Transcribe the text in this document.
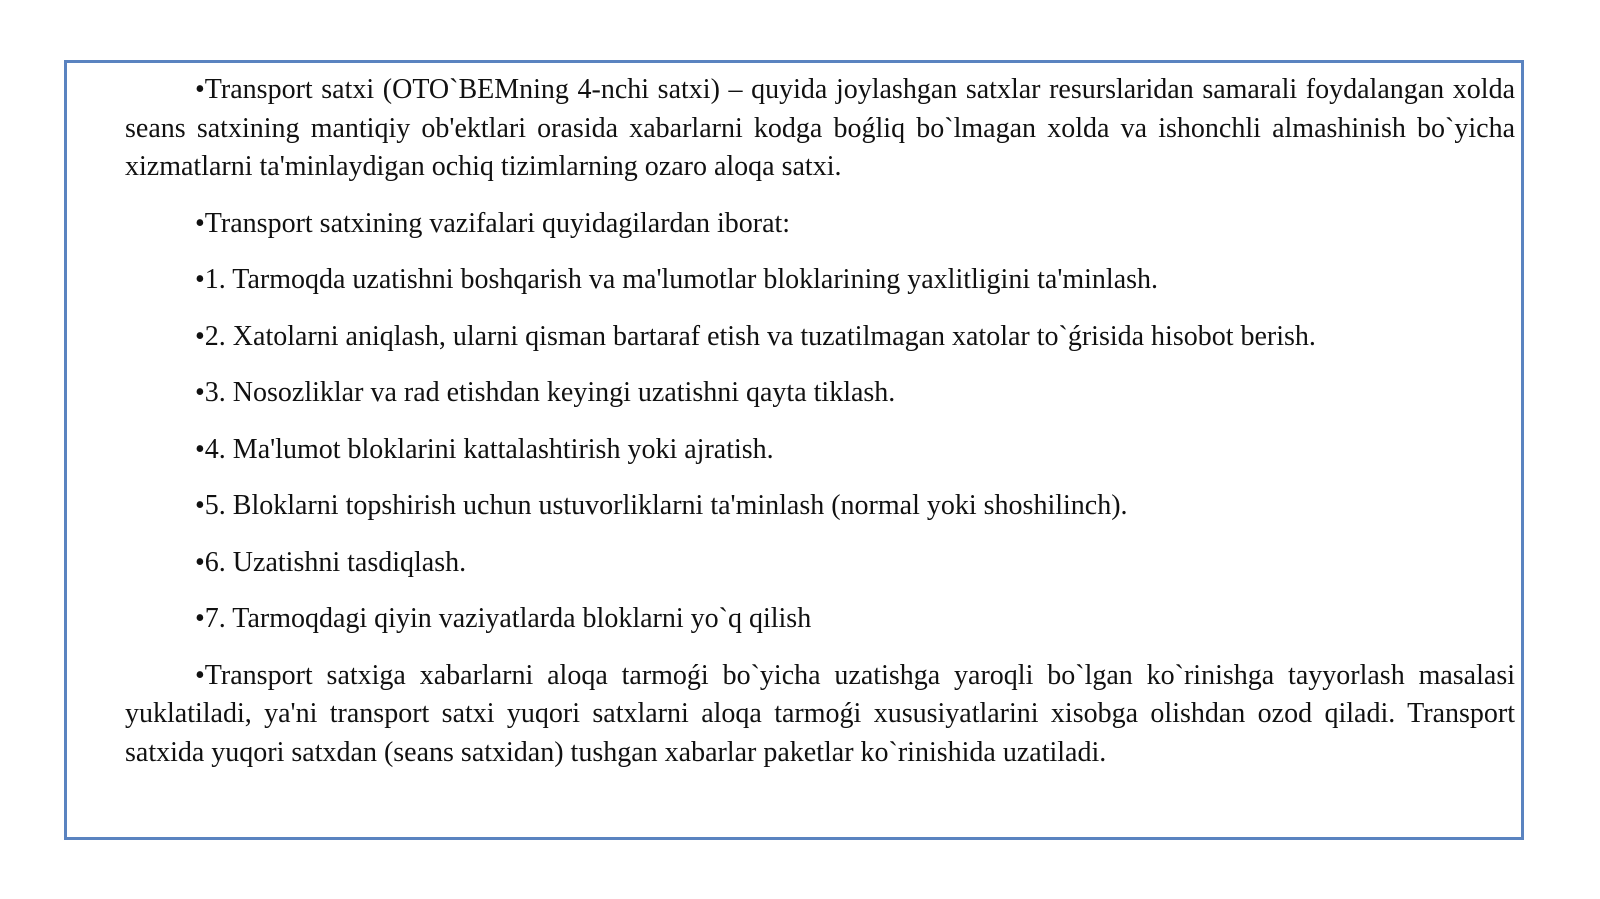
•Transport satxi (OTO`BEMning 4-nchi satxi) – quyida joylashgan satxlar resurslaridan samarali foydalangan xolda seans satxining mantiqiy ob'ektlari orasida xabarlarni kodga boǵliq bo`lmagan xolda va ishonchli almashinish bo`yicha xizmatlarni ta'minlaydigan ochiq tizimlarning ozaro aloqa satxi.

•Transport satxining vazifalari quyidagilardan iborat:

•1. Tarmoqda uzatishni boshqarish va ma'lumotlar bloklarining yaxlitligini ta'minlash.

•2. Xatolarni aniqlash, ularni qisman bartaraf etish va tuzatilmagan xatolar to`ǵrisida hisobot berish.

•3. Nosozliklar va rad etishdan keyingi uzatishni qayta tiklash.

•4. Ma'lumot bloklarini kattalashtirish yoki ajratish.

•5. Bloklarni topshirish uchun ustuvorliklarni ta'minlash (normal yoki shoshilinch).

•6. Uzatishni tasdiqlash.

•7. Tarmoqdagi qiyin vaziyatlarda bloklarni yo`q qilish

•Transport satxiga xabarlarni aloqa tarmoǵi bo`yicha uzatishga yaroqli bo`lgan ko`rinishga tayyorlash masalasi yuklatiladi, ya'ni transport satxi yuqori satxlarni aloqa tarmoǵi xususiyatlarini xisobga olishdan ozod qiladi. Transport satxida yuqori satxdan (seans satxidan) tushgan xabarlar paketlar ko`rinishida uzatiladi.
